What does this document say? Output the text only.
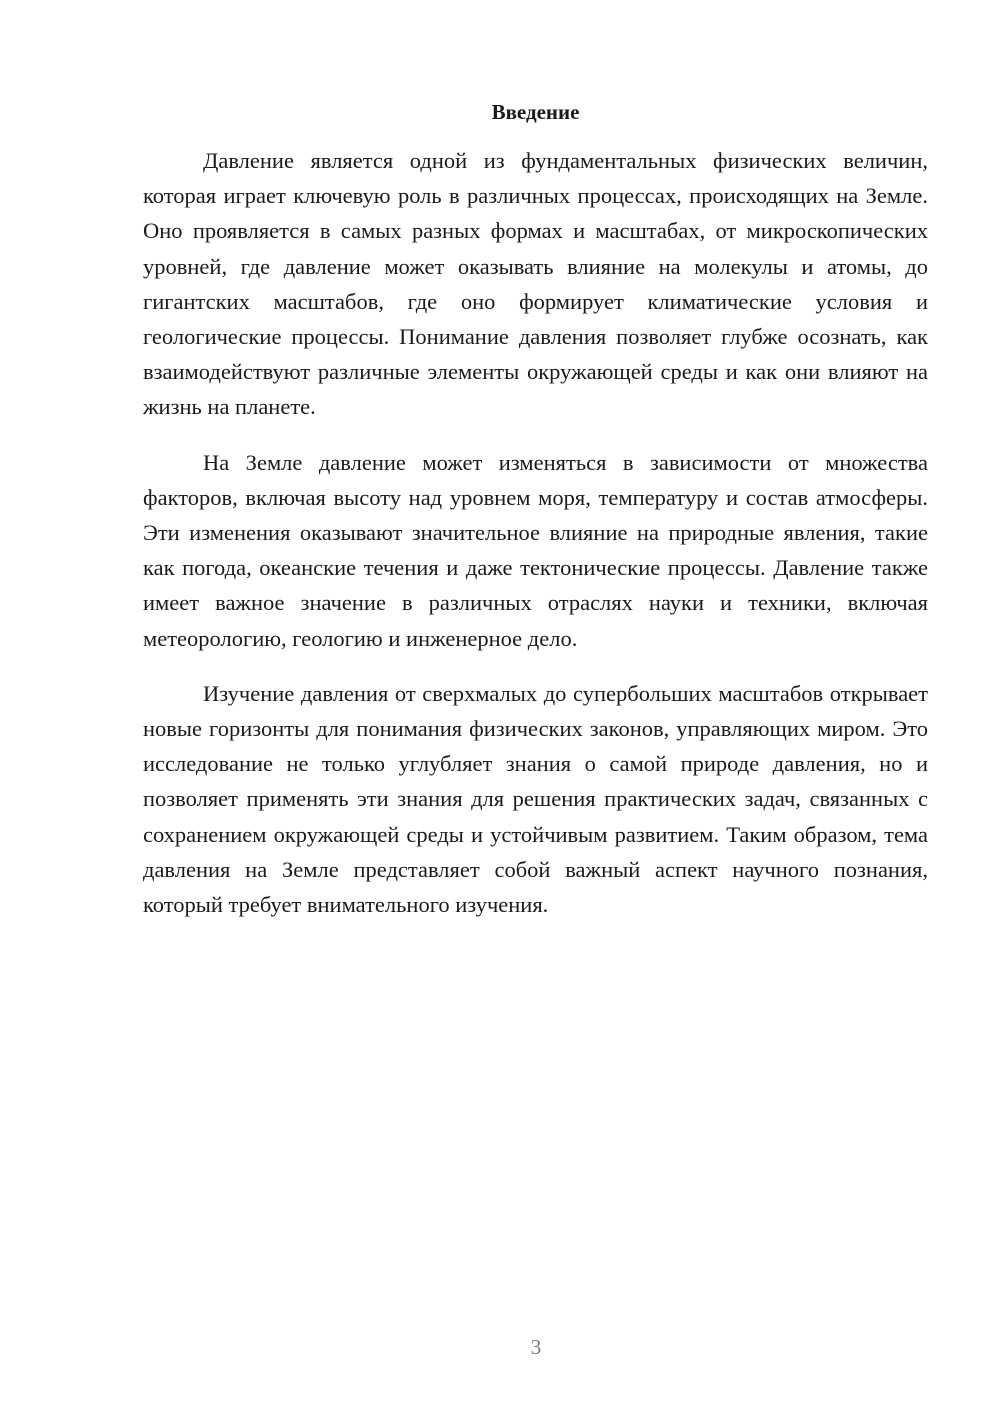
Введение

Давление является одной из фундаментальных физических величин, которая играет ключевую роль в различных процессах, происходящих на Земле. Оно проявляется в самых разных формах и масштабах, от микроскопических уровней, где давление может оказывать влияние на молекулы и атомы, до гигантских масштабов, где оно формирует климатические условия и геологические процессы. Понимание давления позволяет глубже осознать, как взаимодействуют различные элементы окружающей среды и как они влияют на жизнь на планете.

На Земле давление может изменяться в зависимости от множества факторов, включая высоту над уровнем моря, температуру и состав атмосферы. Эти изменения оказывают значительное влияние на природные явления, такие как погода, океанские течения и даже тектонические процессы. Давление также имеет важное значение в различных отраслях науки и техники, включая метеорологию, геологию и инженерное дело.

Изучение давления от сверхмалых до супербольших масштабов открывает новые горизонты для понимания физических законов, управляющих миром. Это исследование не только углубляет знания о самой природе давления, но и позволяет применять эти знания для решения практических задач, связанных с сохранением окружающей среды и устойчивым развитием. Таким образом, тема давления на Земле представляет собой важный аспект научного познания, который требует внимательного изучения.

3
